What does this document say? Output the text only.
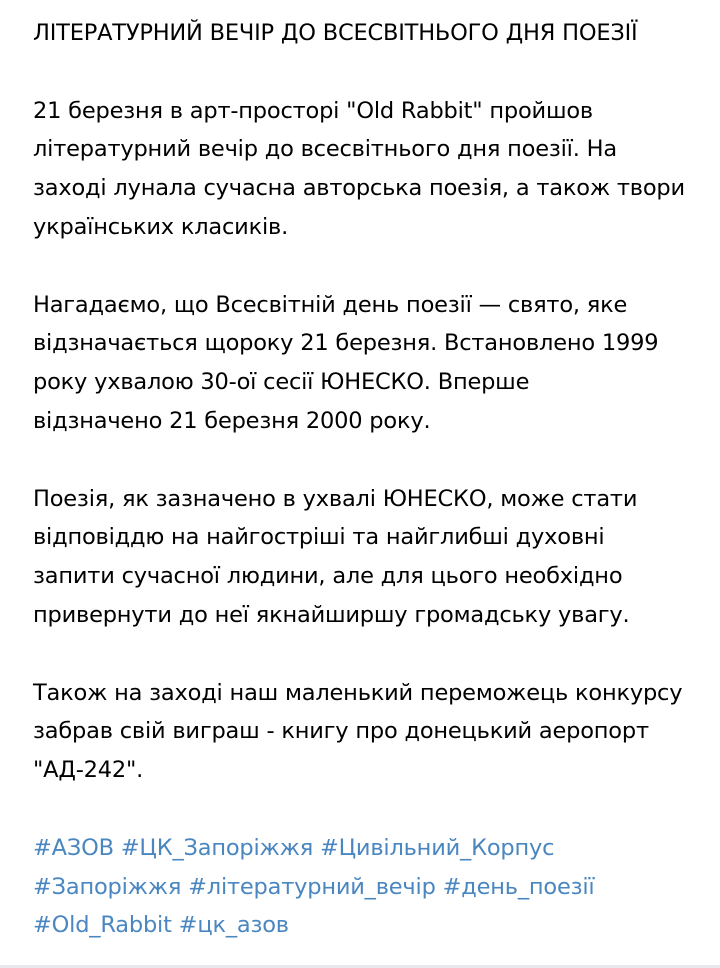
ЛІТЕРАТУРНИЙ ВЕЧІР ДО ВСЕСВІТНЬОГО ДНЯ ПОЕЗІЇ

21 березня в арт-просторі "Old Rabbit" пройшов
літературний вечір до всесвітнього дня поезії. На
заході лунала сучасна авторська поезія, а також твори
українських класиків.

Нагадаємо, що Всесвітній день поезії — свято, яке
відзначається щороку 21 березня. Встановлено 1999
року ухвалою 30-ої сесії ЮНЕСКО. Вперше
відзначено 21 березня 2000 року.

Поезія, як зазначено в ухвалі ЮНЕСКО, може стати
відповіддю на найгостріші та найглибші духовні
запити сучасної людини, але для цього необхідно
привернути до неї якнайширшу громадську увагу.

Також на заході наш маленький переможець конкурсу
забрав свій виграш - книгу про донецький аеропорт
"АД-242".

#АЗОВ #ЦК_Запоріжжя #Цивільний_Корпус
#Запоріжжя #літературний_вечір #день_поезії
#Old_Rabbit #цк_азов
